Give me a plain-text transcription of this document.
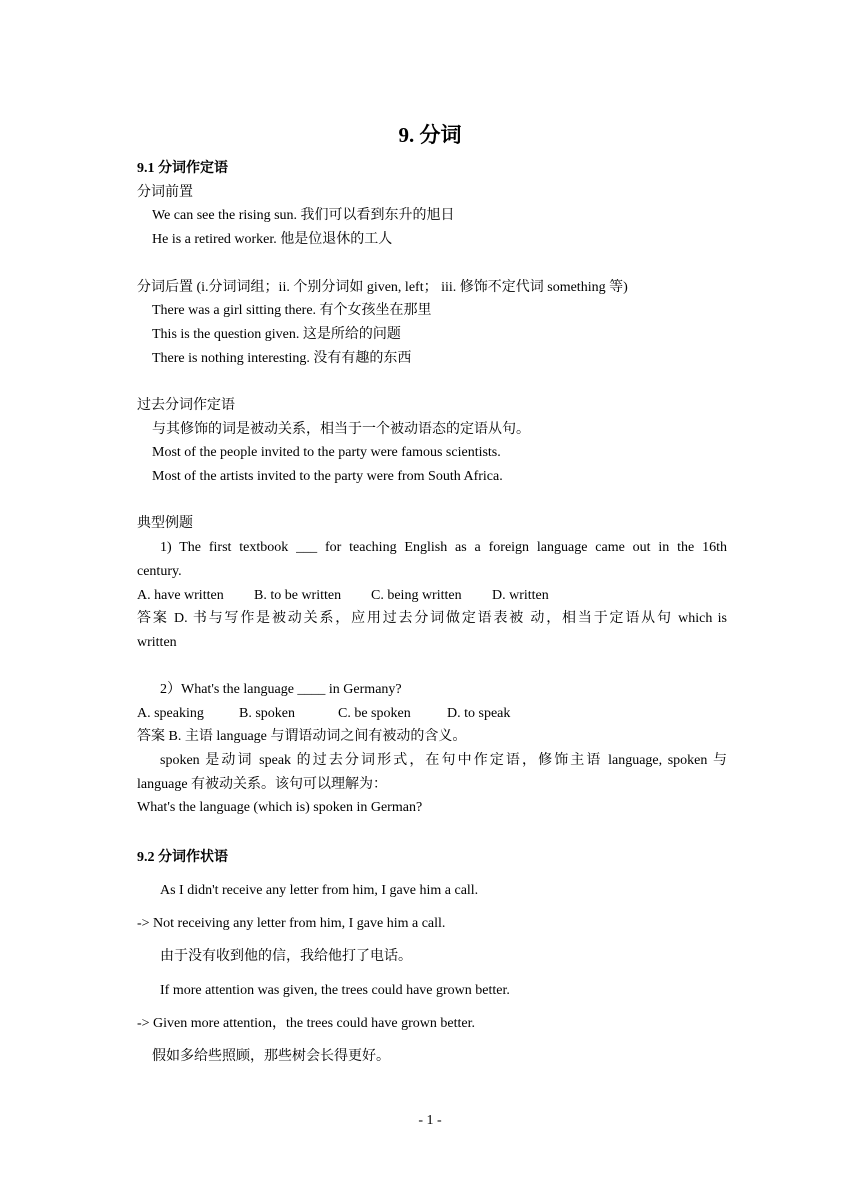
9. 分词
9.1 分词作定语
分词前置
We can see the rising sun. 我们可以看到东升的旭日
He is a retired worker. 他是位退休的工人
分词后置 (i.分词词组；ii. 个别分词如 given, left； iii. 修饰不定代词 something 等)
There was a girl sitting there. 有个女孩坐在那里
This is the question given. 这是所给的问题
There is nothing interesting. 没有有趣的东西
过去分词作定语
与其修饰的词是被动关系，相当于一个被动语态的定语从句。
Most of the people invited to the party were famous scientists.
Most of the artists invited to the party were from South Africa.
典型例题
1) The first textbook ___ for teaching English as a foreign language came out in the 16th
century.
A. have written B. to be written C. being written D. written
答案 D. 书与写作是被动关系，应用过去分词做定语表被 动，相当于定语从句 which is
written
2）What's the language ____ in Germany?
A. speaking	B. spoken	C. be spoken	D. to speak
答案 B. 主语 language 与谓语动词之间有被动的含义。
spoken 是动词 speak 的过去分词形式，在句中作定语，修饰主语 language, spoken 与
language 有被动关系。该句可以理解为：
What's the language (which is) spoken in German?
9.2 分词作状语
As I didn't receive any letter from him, I gave him a call.
-> Not receiving any letter from him, I gave him a call.
由于没有收到他的信，我给他打了电话。
If more attention was given, the trees could have grown better.
-> Given more attention，the trees could have grown better.
假如多给些照顾，那些树会长得更好。
- 1 -
